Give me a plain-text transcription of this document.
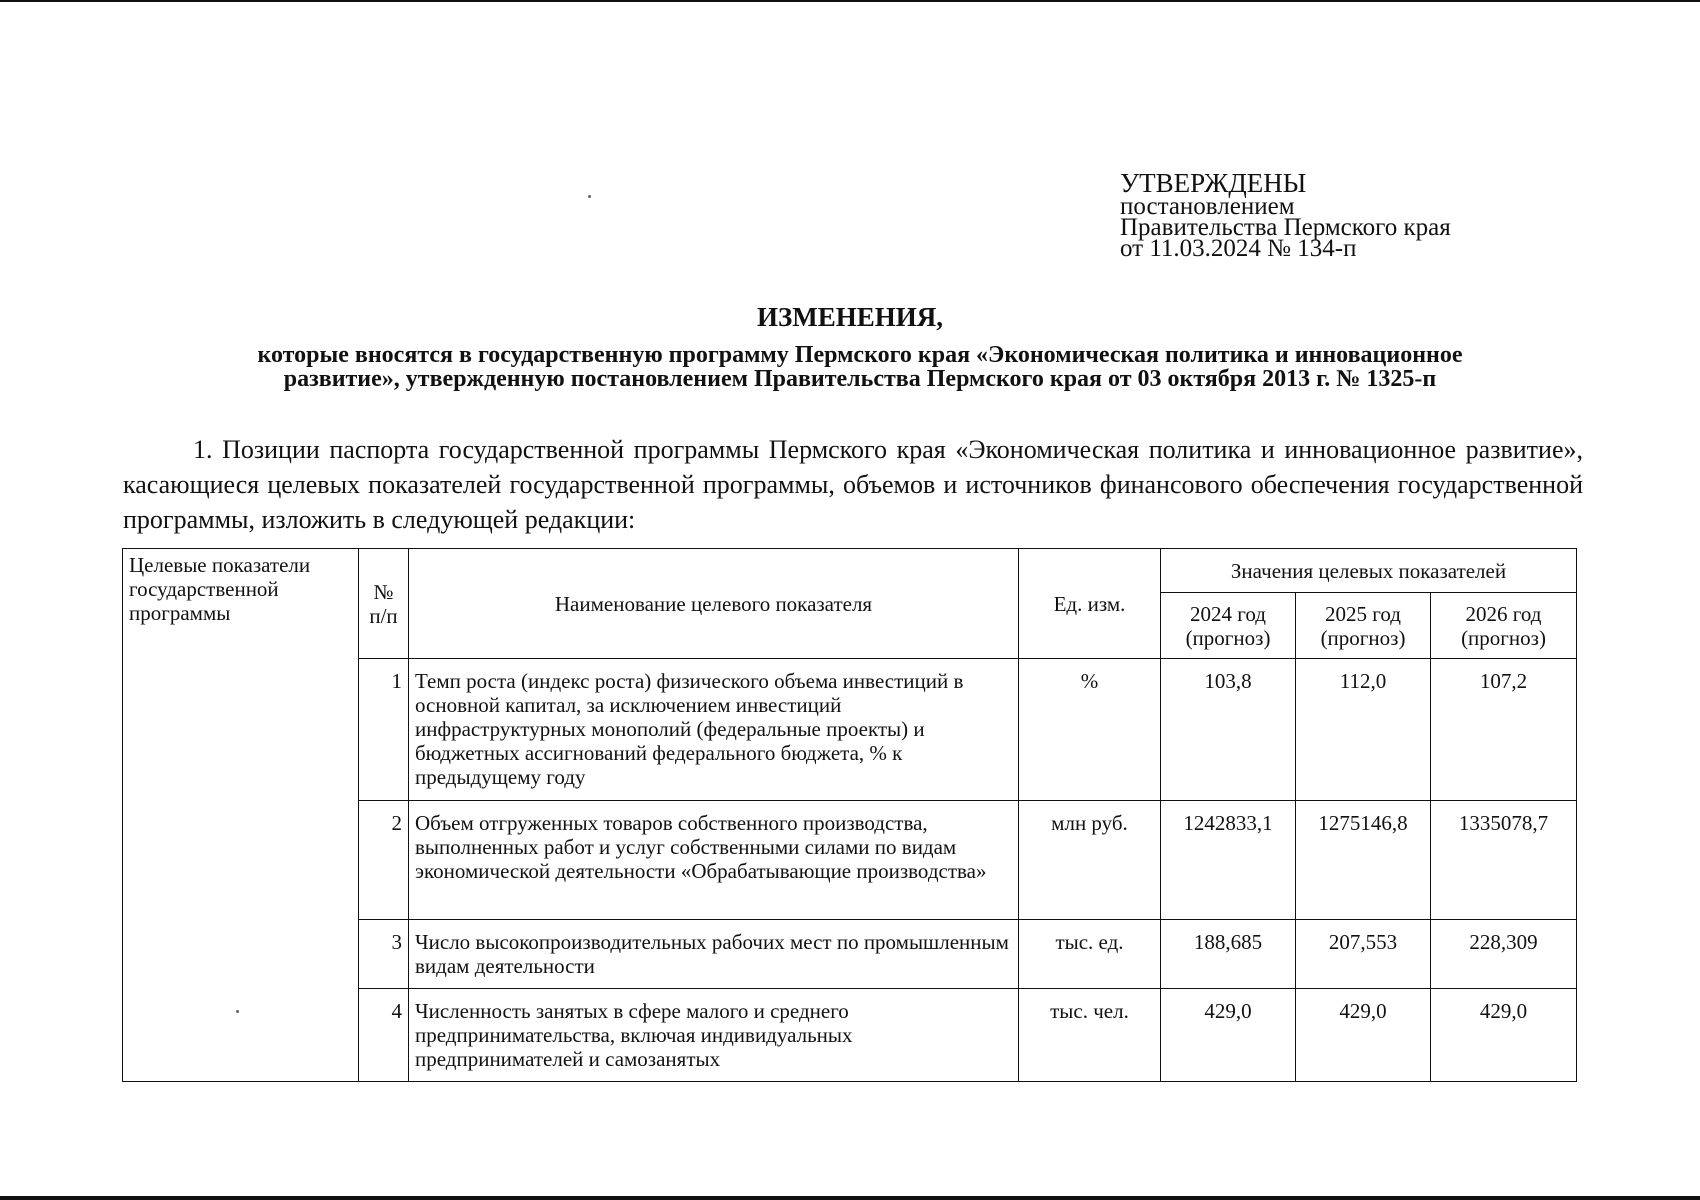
УТВЕРЖДЕНЫ
постановлением
Правительства Пермского края
от 11.03.2024 № 134-п
ИЗМЕНЕНИЯ,
которые вносятся в государственную программу Пермского края «Экономическая политика и инновационное
развитие», утвержденную постановлением Правительства Пермского края от 03 октября 2013 г. № 1325-п

1. Позиции паспорта государственной программы Пермского края «Экономическая политика и инновационное развитие», касающиеся целевых показателей государственной программы, объемов и источников финансового обеспечения государственной программы, изложить в следующей редакции:

Целевые показатели государственной программы	№ п/п	Наименование целевого показателя	Ед. изм.	Значения целевых показателей		
				2024 год (прогноз)	2025 год (прогноз)	2026 год (прогноз)
	1	Темп роста (индекс роста) физического объема инвестиций в основной капитал, за исключением инвестиций инфраструктурных монополий (федеральные проекты) и бюджетных ассигнований федерального бюджета, % к предыдущему году	%	103,8	112,0	107,2
	2	Объем отгруженных товаров собственного производства, выполненных работ и услуг собственными силами по видам экономической деятельности «Обрабатывающие производства»	млн руб.	1242833,1	1275146,8	1335078,7
	3	Число высокопроизводительных рабочих мест по промышленным видам деятельности	тыс. ед.	188,685	207,553	228,309
	4	Численность занятых в сфере малого и среднего предпринимательства, включая индивидуальных предпринимателей и самозанятых	тыс. чел.	429,0	429,0	429,0
